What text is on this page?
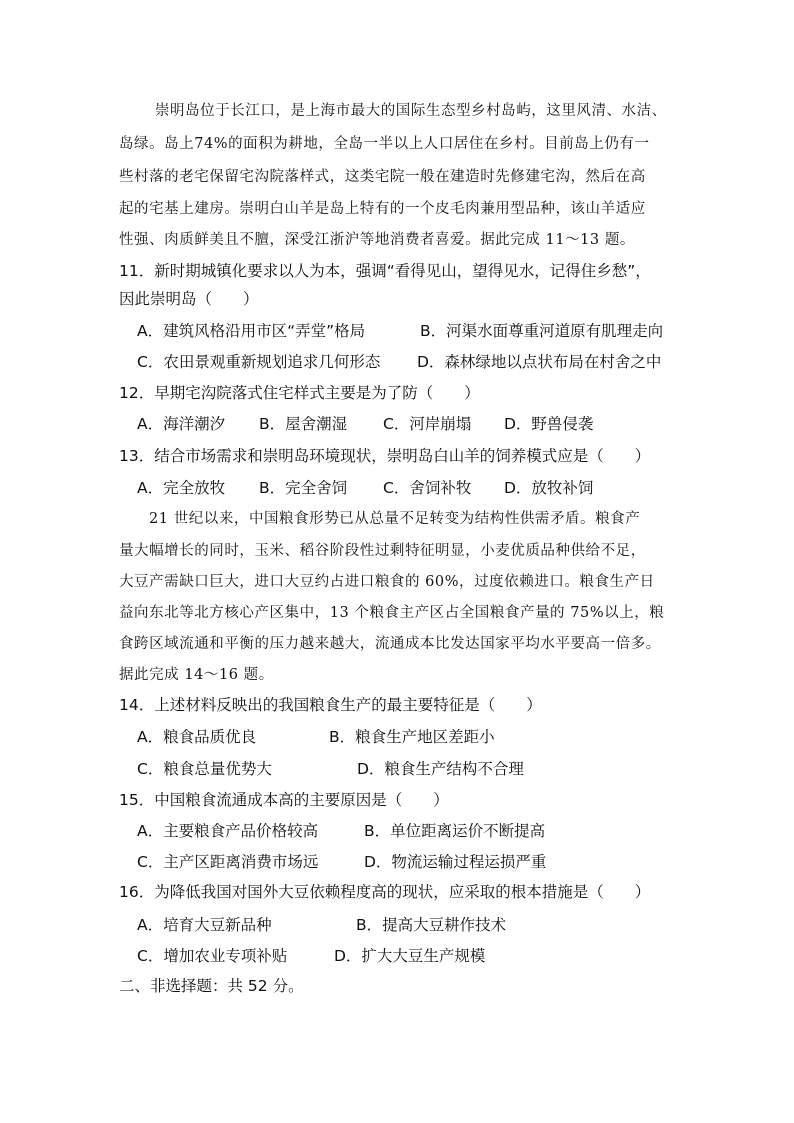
崇明岛位于长江口，是上海市最大的国际生态型乡村岛屿，这里风清、水洁、
岛绿。岛上74%的面积为耕地，全岛一半以上人口居住在乡村。目前岛上仍有一
些村落的老宅保留宅沟院落样式，这类宅院一般在建造时先修建宅沟，然后在高
起的宅基上建房。崇明白山羊是岛上特有的一个皮毛肉兼用型品种，该山羊适应
性强、肉质鲜美且不膻，深受江浙沪等地消费者喜爱。据此完成 11～13 题。
11．新时期城镇化要求以人为本，强调“看得见山，望得见水，记得住乡愁”，
因此崇明岛（　　）
A．建筑风格沿用市区“弄堂”格局	B．河渠水面尊重河道原有肌理走向
C．农田景观重新规划追求几何形态 D．森林绿地以点状布局在村舍之中
12．早期宅沟院落式住宅样式主要是为了防（　　）
A．海洋潮汐 B．屋舍潮湿 C．河岸崩塌 D．野兽侵袭
13．结合市场需求和崇明岛环境现状，崇明岛白山羊的饲养模式应是（　　）
A．完全放牧 B．完全舍饲 C．舍饲补牧 D．放牧补饲
21 世纪以来，中国粮食形势已从总量不足转变为结构性供需矛盾。粮食产
量大幅增长的同时，玉米、稻谷阶段性过剩特征明显，小麦优质品种供给不足，
大豆产需缺口巨大，进口大豆约占进口粮食的 60%，过度依赖进口。粮食生产日
益向东北等北方核心产区集中，13 个粮食主产区占全国粮食产量的 75%以上，粮
食跨区域流通和平衡的压力越来越大，流通成本比发达国家平均水平要高一倍多。
据此完成 14～16 题。
14．上述材料反映出的我国粮食生产的最主要特征是（　　）
A．粮食品质优良	B．粮食生产地区差距小
C．粮食总量优势大	D．粮食生产结构不合理
15．中国粮食流通成本高的主要原因是（　　）
A．主要粮食产品价格较高	B．单位距离运价不断提高
C．主产区距离消费市场远	D．物流运输过程运损严重
16．为降低我国对国外大豆依赖程度高的现状，应采取的根本措施是（　　）
A．培育大豆新品种	B．提高大豆耕作技术
C．增加农业专项补贴	D．扩大大豆生产规模
二、非选择题：共 52 分。
